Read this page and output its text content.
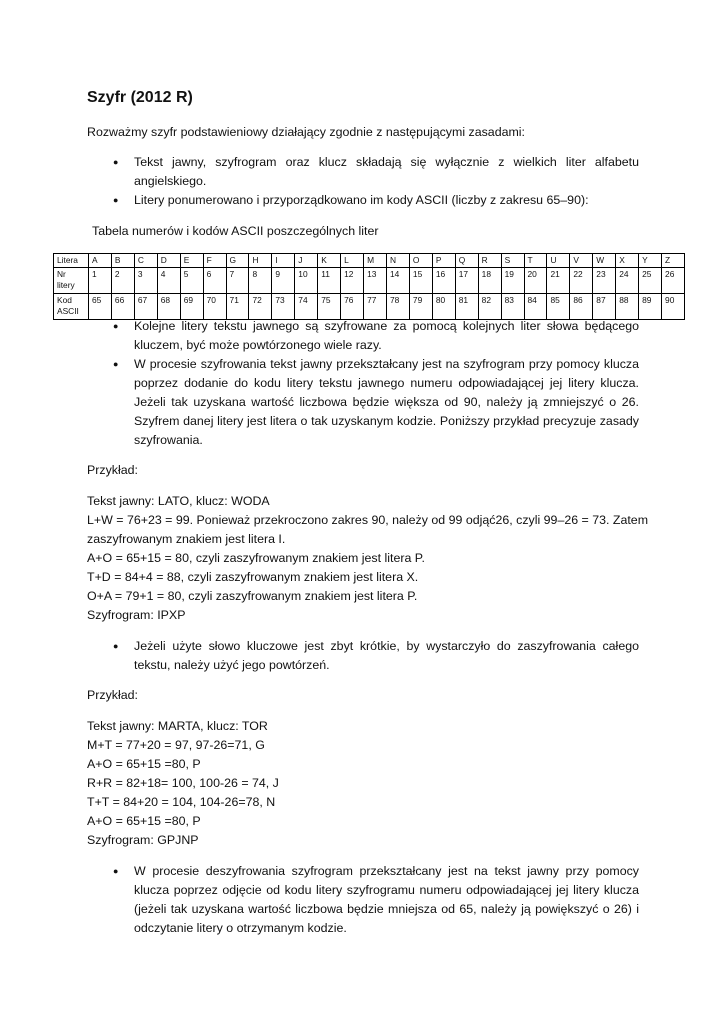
Szyfr (2012 R)
Rozważmy szyfr podstawieniowy działający zgodnie z następującymi zasadami:
● Tekst jawny, szyfrogram oraz klucz składają się wyłącznie z wielkich liter alfabetu angielskiego.
● Litery ponumerowano i przyporządkowano im kody ASCII (liczby z zakresu 65–90):
Tabela numerów i kodów ASCII poszczególnych liter
Litera	A	B	C	D	E	F	G	H	I	J	K	L	M	N	O	P	Q	R	S	T	U	V	W	X	Y	Z
Nr litery	1	2	3	4	5	6	7	8	9	10	11	12	13	14	15	16	17	18	19	20	21	22	23	24	25	26
Kod ASCII	65	66	67	68	69	70	71	72	73	74	75	76	77	78	79	80	81	82	83	84	85	86	87	88	89	90
● Kolejne litery tekstu jawnego są szyfrowane za pomocą kolejnych liter słowa będącego kluczem, być może powtórzonego wiele razy.
● W procesie szyfrowania tekst jawny przekształcany jest na szyfrogram przy pomocy klucza poprzez dodanie do kodu litery tekstu jawnego numeru odpowiadającej jej litery klucza. Jeżeli tak uzyskana wartość liczbowa będzie większa od 90, należy ją zmniejszyć o 26. Szyfrem danej litery jest litera o tak uzyskanym kodzie. Poniższy przykład precyzuje zasady szyfrowania.
Przykład:
Tekst jawny: LATO, klucz: WODA
L+W = 76+23 = 99. Ponieważ przekroczono zakres 90, należy od 99 odjąć26, czyli 99–26 = 73. Zatem
zaszyfrowanym znakiem jest litera I.
A+O = 65+15 = 80, czyli zaszyfrowanym znakiem jest litera P.
T+D = 84+4 = 88, czyli zaszyfrowanym znakiem jest litera X.
O+A = 79+1 = 80, czyli zaszyfrowanym znakiem jest litera P.
Szyfrogram: IPXP
● Jeżeli użyte słowo kluczowe jest zbyt krótkie, by wystarczyło do zaszyfrowania całego tekstu, należy użyć jego powtórzeń.
Przykład:
Tekst jawny: MARTA, klucz: TOR
M+T = 77+20 = 97, 97-26=71, G
A+O = 65+15 =80, P
R+R = 82+18= 100, 100-26 = 74, J
T+T = 84+20 = 104, 104-26=78, N
A+O = 65+15 =80, P
Szyfrogram: GPJNP
● W procesie deszyfrowania szyfrogram przekształcany jest na tekst jawny przy pomocy klucza poprzez odjęcie od kodu litery szyfrogramu numeru odpowiadającej jej litery klucza (jeżeli tak uzyskana wartość liczbowa będzie mniejsza od 65, należy ją powiększyć o 26) i odczytanie litery o otrzymanym kodzie.
